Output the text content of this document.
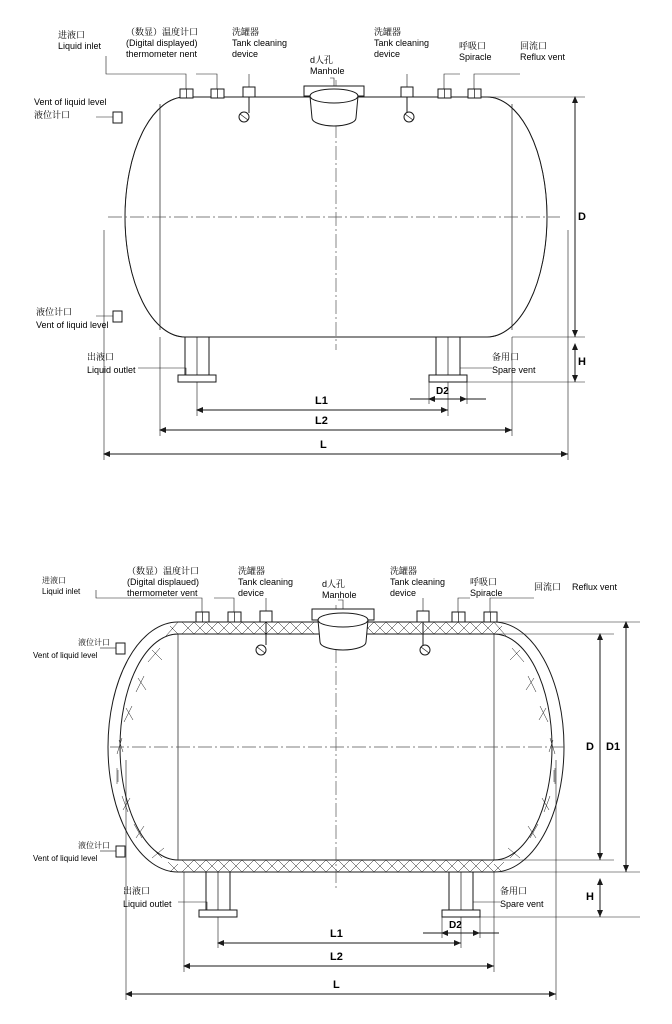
进液口
Liquid inlet
（数显）温度计口
(Digital displayed)
thermometer nent
洗罐器
Tank cleaning
device
d人孔
Manhole
洗罐器
Tank cleaning
device
呼吸口
Spiracle
回流口
Reflux vent
Vent of liquid level
液位计口
液位计口
Vent of liquid level
出液口
Liquid outlet
备用口
Spare vent
D
H
D2
L1
L2
L
进液口
Liquid inlet
（数显）温度计口
(Digital displaued)
thermometer vent
洗罐器
Tank cleaning
device
d人孔
Manhole
洗罐器
Tank cleaning
device
呼吸口
Spiracle
回流口 Reflux vent
液位计口
Vent of liquid level
液位计口
Vent of liquid level
出液口
Liquid outlet
备用口
Spare vent
D D1
H
D2
L1
L2
L
